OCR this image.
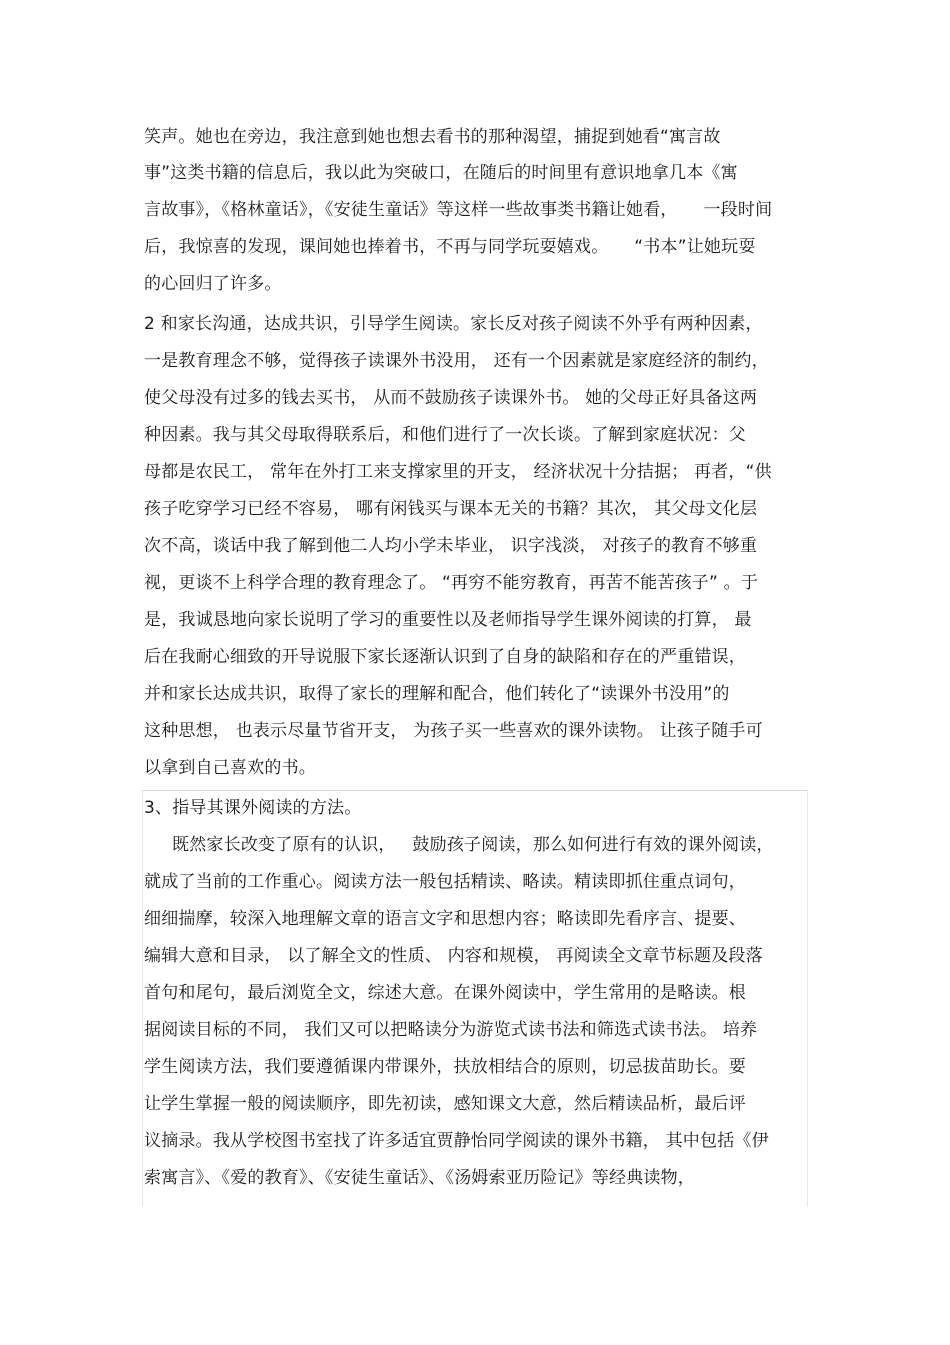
笑声。她也在旁边，我注意到她也想去看书的那种渴望，捕捉到她看“寓言故
事”这类书籍的信息后，我以此为突破口，在随后的时间里有意识地拿几本《寓
言故事》，《格林童话》，《安徒生童话》等这样一些故事类书籍让她看，　　一段时间
后，我惊喜的发现，课间她也捧着书，不再与同学玩耍嬉戏。　　“书本”让她玩耍
的心回归了许多。
2 和家长沟通，达成共识，引导学生阅读。家长反对孩子阅读不外乎有两种因素，
一是教育理念不够，觉得孩子读课外书没用， 还有一个因素就是家庭经济的制约，
使父母没有过多的钱去买书， 从而不鼓励孩子读课外书。 她的父母正好具备这两
种因素。我与其父母取得联系后，和他们进行了一次长谈。了解到家庭状况：父
母都是农民工， 常年在外打工来支撑家里的开支， 经济状况十分拮据； 再者，“供
孩子吃穿学习已经不容易， 哪有闲钱买与课本无关的书籍？其次， 其父母文化层
次不高，谈话中我了解到他二人均小学未毕业， 识字浅淡， 对孩子的教育不够重
视，更谈不上科学合理的教育理念了。 “再穷不能穷教育，再苦不能苦孩子” 。于
是，我诚恳地向家长说明了学习的重要性以及老师指导学生课外阅读的打算， 最
后在我耐心细致的开导说服下家长逐渐认识到了自身的缺陷和存在的严重错误，
并和家长达成共识，取得了家长的理解和配合，他们转化了“读课外书没用”的
这种思想， 也表示尽量节省开支， 为孩子买一些喜欢的课外读物。 让孩子随手可
以拿到自己喜欢的书。
3、指导其课外阅读的方法。
既然家长改变了原有的认识，   鼓励孩子阅读，那么如何进行有效的课外阅读，
就成了当前的工作重心。阅读方法一般包括精读、略读。精读即抓住重点词句，
细细揣摩，较深入地理解文章的语言文字和思想内容；略读即先看序言、提要、
编辑大意和目录， 以了解全文的性质、 内容和规模， 再阅读全文章节标题及段落
首句和尾句，最后浏览全文，综述大意。在课外阅读中，学生常用的是略读。根
据阅读目标的不同， 我们又可以把略读分为游览式读书法和筛选式读书法。 培养
学生阅读方法，我们要遵循课内带课外，扶放相结合的原则，切忌拔苗助长。要
让学生掌握一般的阅读顺序，即先初读，感知课文大意，然后精读品析，最后评
议摘录。我从学校图书室找了许多适宜贾静怡同学阅读的课外书籍， 其中包括《伊
索寓言》、《爱的教育》、《安徒生童话》、《汤姆索亚历险记》等经典读物，
